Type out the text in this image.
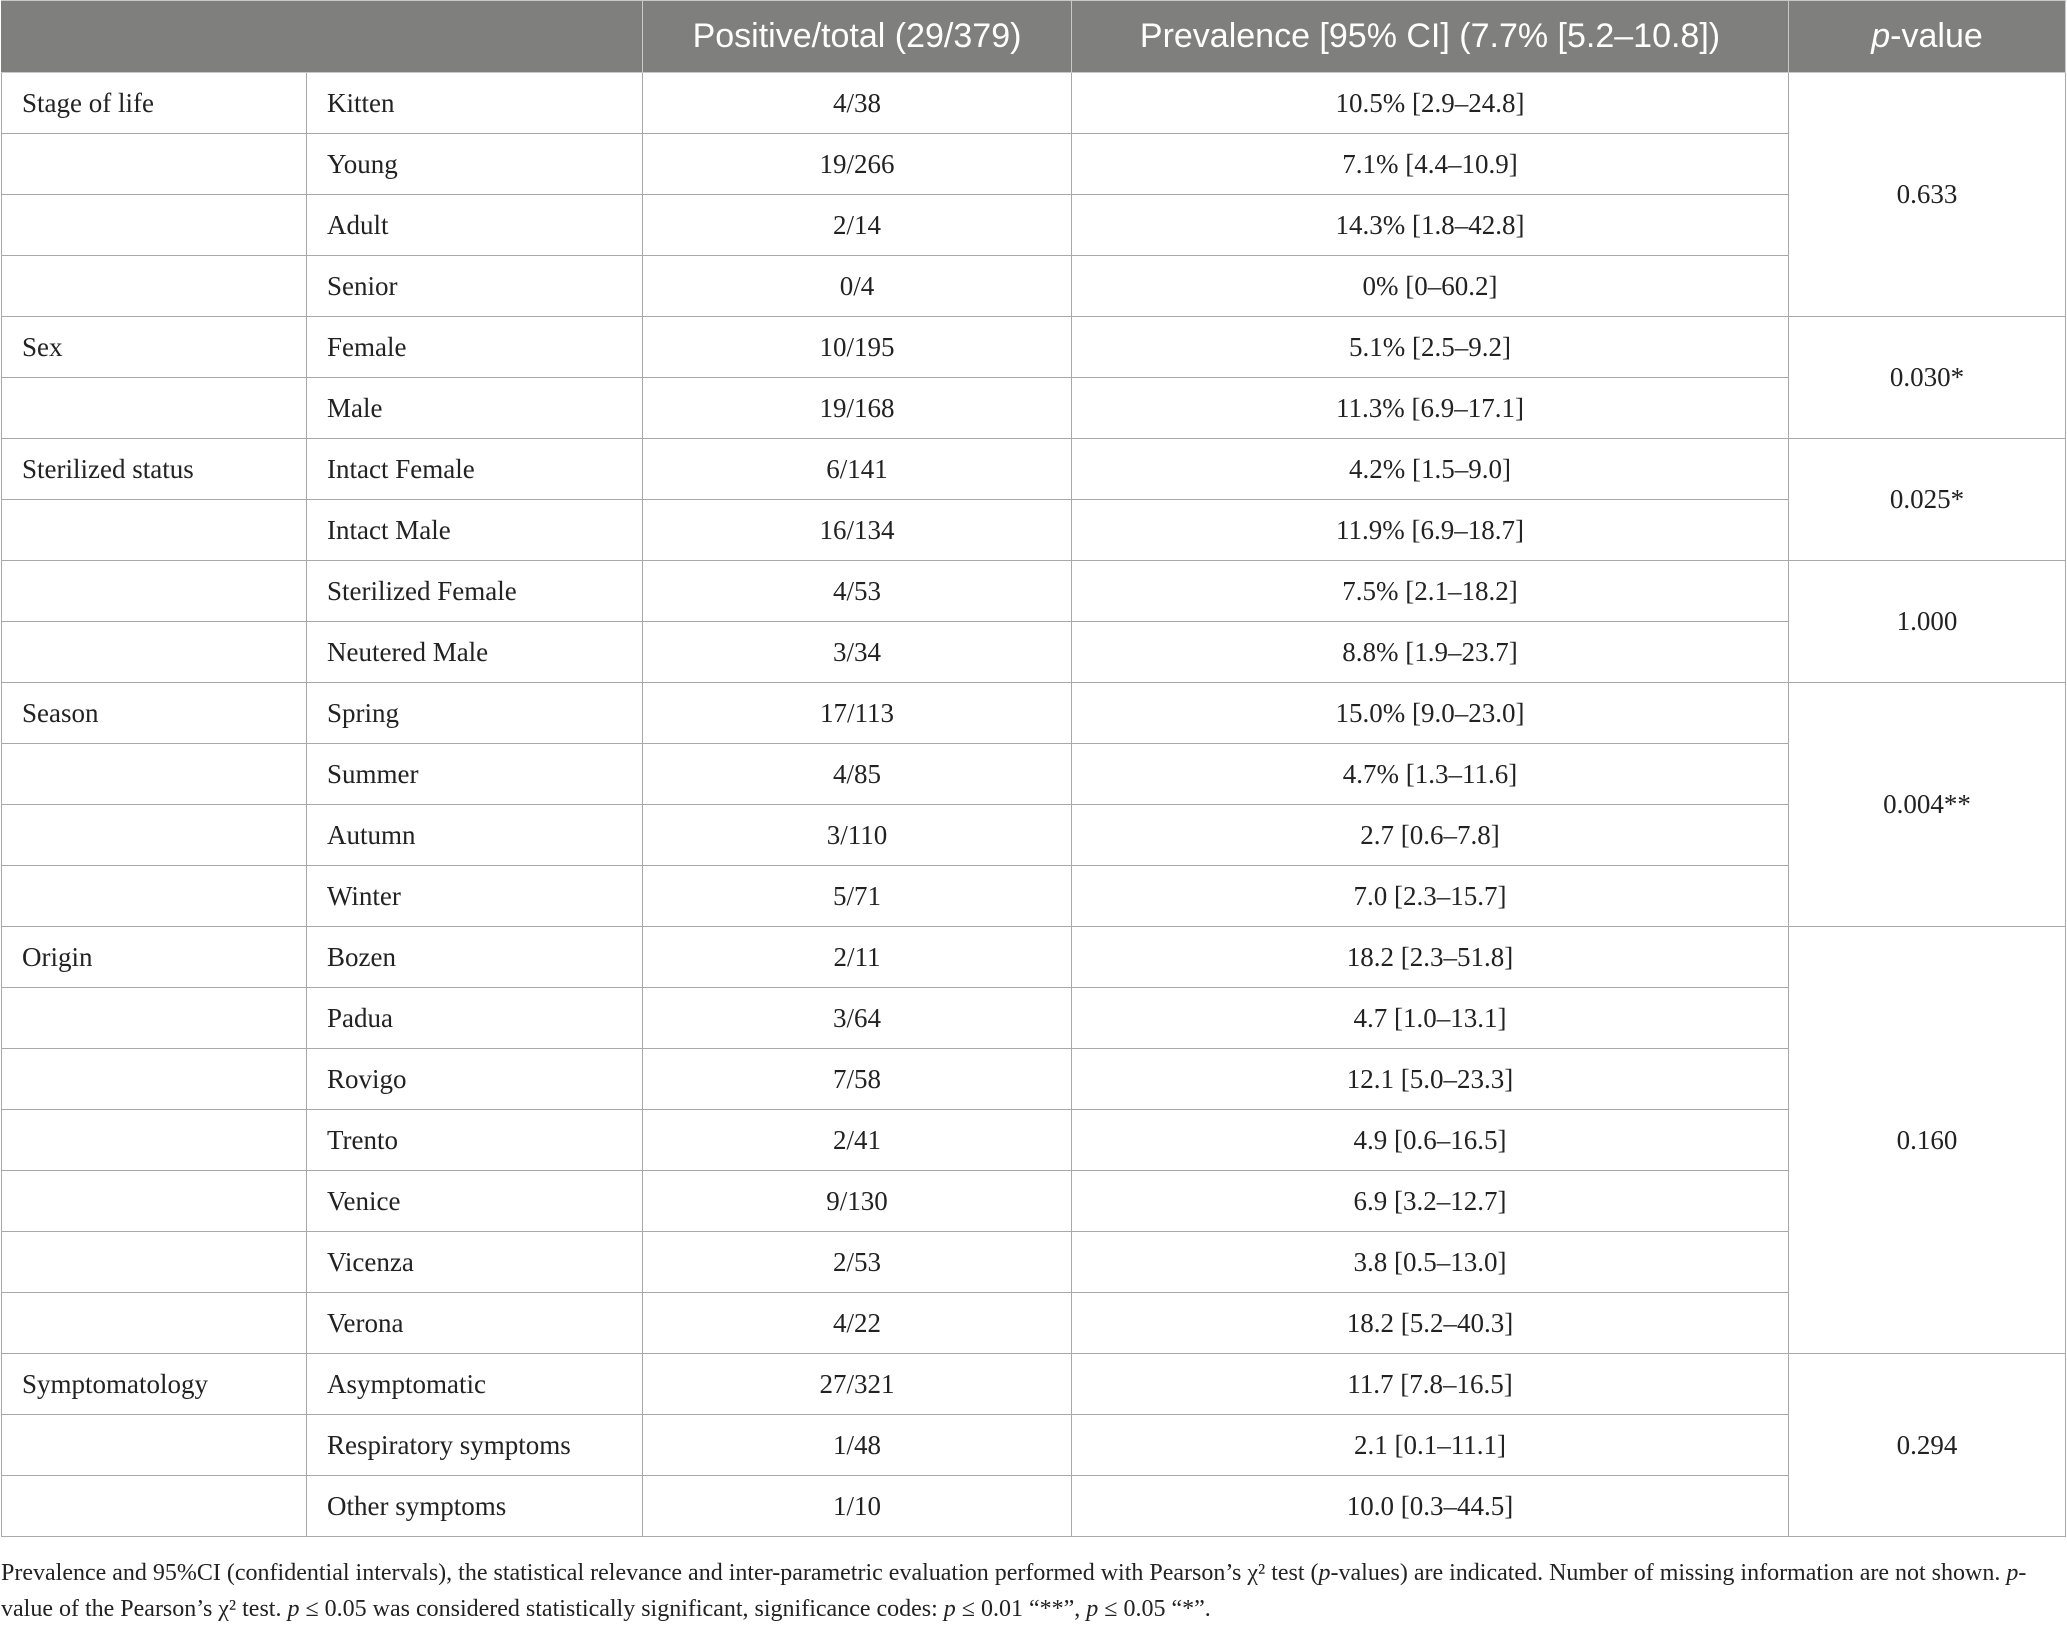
		Positive/total (29/379)	Prevalence [95% CI] (7.7% [5.2–10.8])	p-value
Stage of life	Kitten	4/38	10.5% [2.9–24.8]	0.633
	Young	19/266	7.1% [4.4–10.9]	
	Adult	2/14	14.3% [1.8–42.8]	
	Senior	0/4	0% [0–60.2]	
Sex	Female	10/195	5.1% [2.5–9.2]	0.030*
	Male	19/168	11.3% [6.9–17.1]	
Sterilized status	Intact Female	6/141	4.2% [1.5–9.0]	0.025*
	Intact Male	16/134	11.9% [6.9–18.7]	
	Sterilized Female	4/53	7.5% [2.1–18.2]	1.000
	Neutered Male	3/34	8.8% [1.9–23.7]	
Season	Spring	17/113	15.0% [9.0–23.0]	0.004**
	Summer	4/85	4.7% [1.3–11.6]	
	Autumn	3/110	2.7 [0.6–7.8]	
	Winter	5/71	7.0 [2.3–15.7]	
Origin	Bozen	2/11	18.2 [2.3–51.8]	0.160
	Padua	3/64	4.7 [1.0–13.1]	
	Rovigo	7/58	12.1 [5.0–23.3]	
	Trento	2/41	4.9 [0.6–16.5]	
	Venice	9/130	6.9 [3.2–12.7]	
	Vicenza	2/53	3.8 [0.5–13.0]	
	Verona	4/22	18.2 [5.2–40.3]	
Symptomatology	Asymptomatic	27/321	11.7 [7.8–16.5]	0.294
	Respiratory symptoms	1/48	2.1 [0.1–11.1]	
	Other symptoms	1/10	10.0 [0.3–44.5]	
Prevalence and 95%CI (confidential intervals), the statistical relevance and inter-parametric evaluation performed with Pearson’s χ² test (p-values) are indicated. Number of missing information are not shown. p-value of the Pearson’s χ² test. p ≤ 0.05 was considered statistically significant, significance codes: p ≤ 0.01 “**”, p ≤ 0.05 “*”.
